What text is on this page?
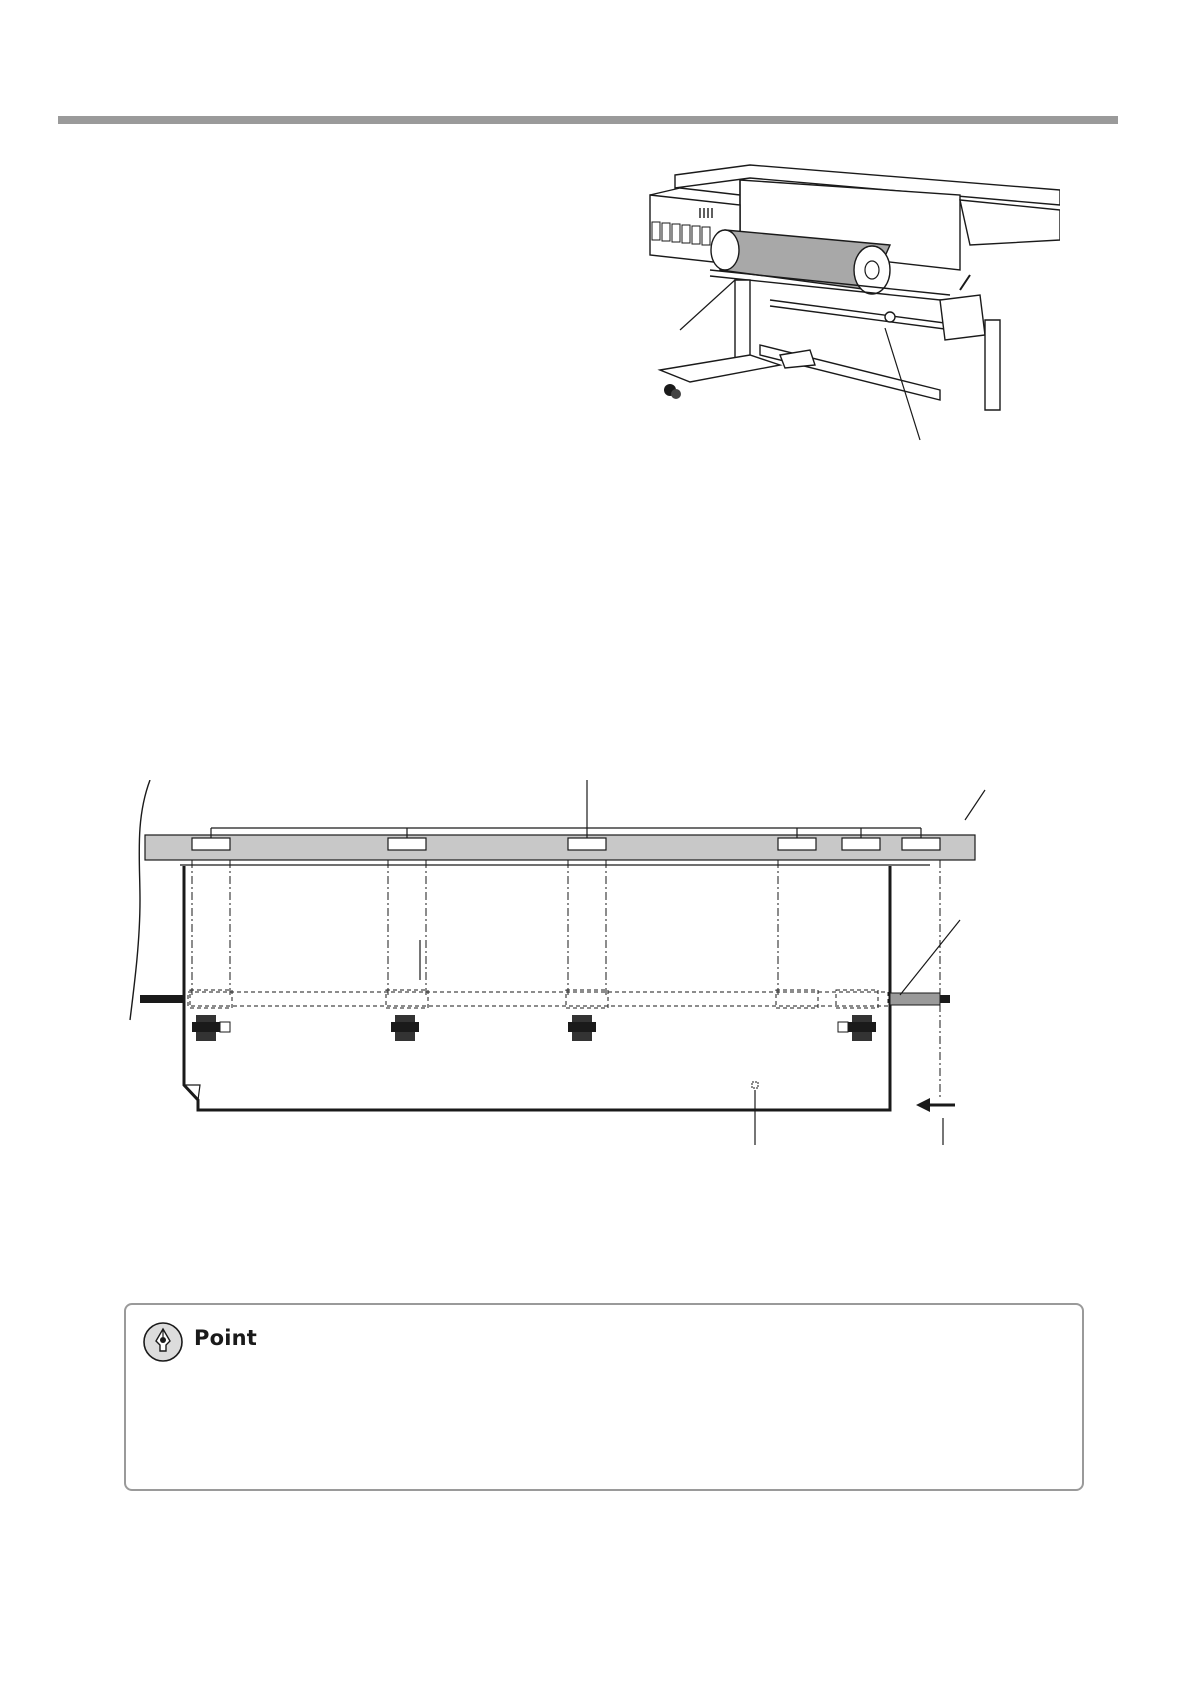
Point
